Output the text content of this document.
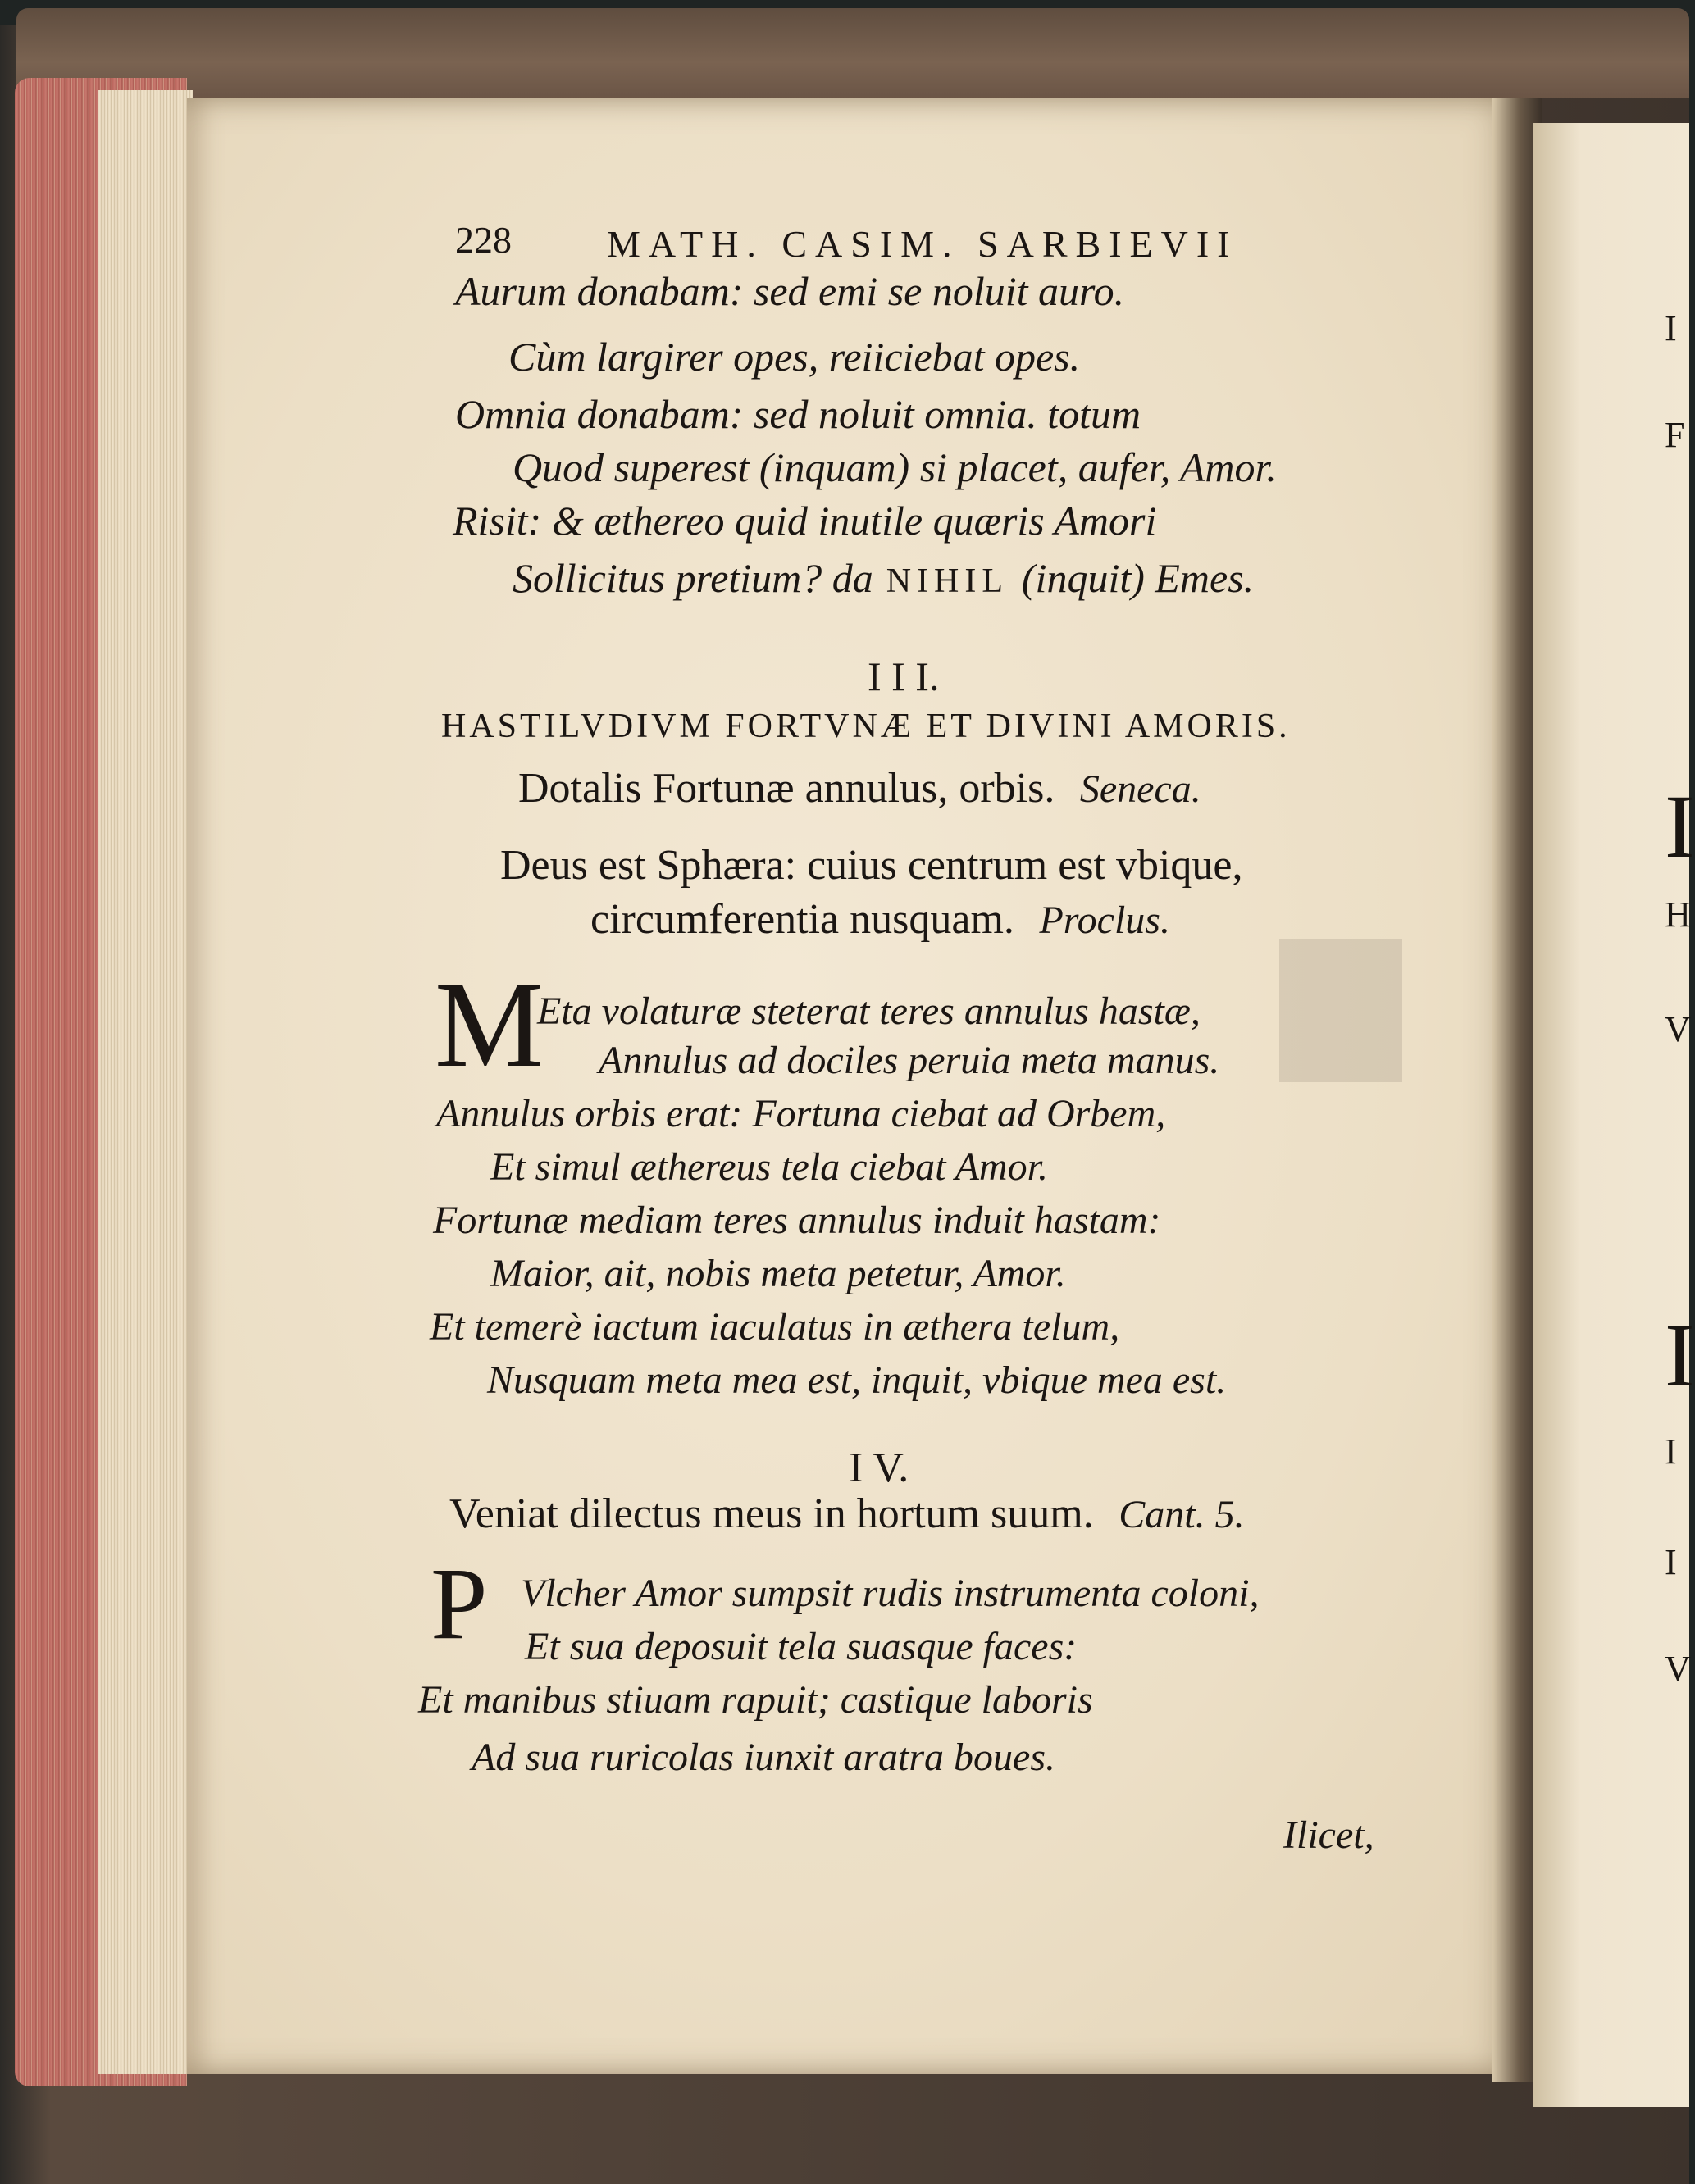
I
F
I
H
V
I
I
I
V
228	MATH. CASIM. SARBIEVII
Aurum donabam: sed emi se noluit auro.
Cùm largirer opes, reiiciebat opes.
Omnia donabam: sed noluit omnia. totum
Quod superest (inquam) si placet, aufer, Amor.
Risit: & æthereo quid inutile quæris Amori
Sollicitus pretium? da NIHIL (inquit) Emes.
I I I.
HASTILVDIVM FORTVNÆ ET DIVINI AMORIS.
Dotalis Fortunæ annulus, orbis. Seneca.
Deus est Sphæra: cuius centrum est vbique,
circumferentia nusquam. Proclus.
M
Eta volaturæ steterat teres annulus hastæ,
Annulus ad dociles peruia meta manus.
Annulus orbis erat: Fortuna ciebat ad Orbem,
Et simul æthereus tela ciebat Amor.
Fortunæ mediam teres annulus induit hastam:
Maior, ait, nobis meta petetur, Amor.
Et temerè iactum iaculatus in æthera telum,
Nusquam meta mea est, inquit, vbique mea est.
I V.
Veniat dilectus meus in hortum suum. Cant. 5.
P Vlcher Amor sumpsit rudis instrumenta coloni,
Et sua deposuit tela suasque faces:
Et manibus stiuam rapuit; castique laboris
Ad sua ruricolas iunxit aratra boues.
Ilicet,
